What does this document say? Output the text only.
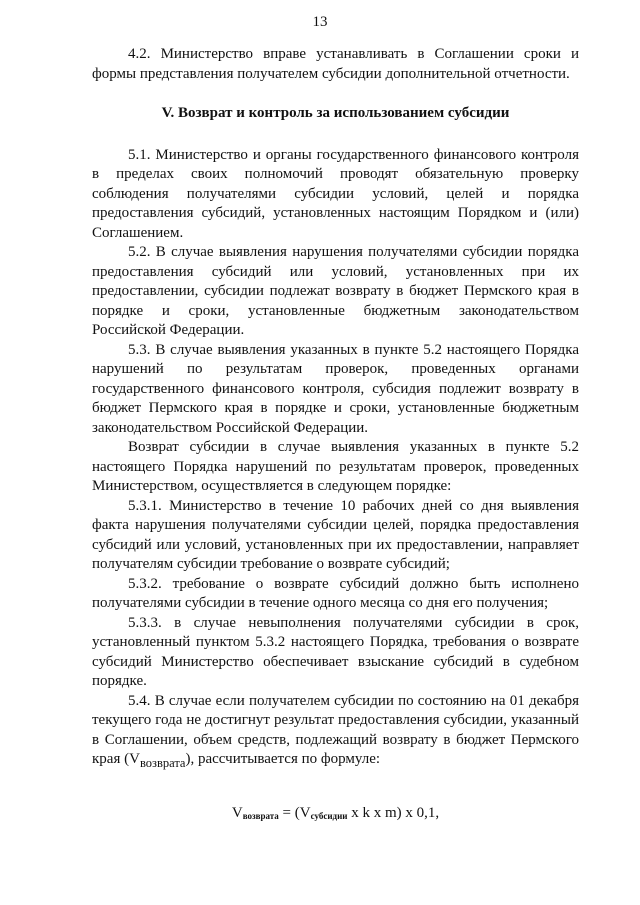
13

4.2. Министерство вправе устанавливать в Соглашении сроки и формы представления получателем субсидии дополнительной отчетности.

V. Возврат и контроль за использованием субсидии

5.1. Министерство и органы государственного финансового контроля в пределах своих полномочий проводят обязательную проверку соблюдения получателями субсидии условий, целей и порядка предоставления субсидий, установленных настоящим Порядком и (или) Соглашением.

5.2. В случае выявления нарушения получателями субсидии порядка предоставления субсидий или условий, установленных при их предоставлении, субсидии подлежат возврату в бюджет Пермского края в порядке и сроки, установленные бюджетным законодательством Российской Федерации.

5.3. В случае выявления указанных в пункте 5.2 настоящего Порядка нарушений по результатам проверок, проведенных органами государственного финансового контроля, субсидия подлежит возврату в бюджет Пермского края в порядке и сроки, установленные бюджетным законодательством Российской Федерации.

Возврат субсидии в случае выявления указанных в пункте 5.2 настоящего Порядка нарушений по результатам проверок, проведенных Министерством, осуществляется в следующем порядке:

5.3.1. Министерство в течение 10 рабочих дней со дня выявления факта нарушения получателями субсидии целей, порядка предоставления субсидий или условий, установленных при их предоставлении, направляет получателям субсидии требование о возврате субсидий;

5.3.2. требование о возврате субсидий должно быть исполнено получателями субсидии в течение одного месяца со дня его получения;

5.3.3. в случае невыполнения получателями субсидии в срок, установленный пунктом 5.3.2 настоящего Порядка, требования о возврате субсидий Министерство обеспечивает взыскание субсидий в судебном порядке.

5.4. В случае если получателем субсидии по состоянию на 01 декабря текущего года не достигнут результат предоставления субсидии, указанный в Соглашении, объем средств, подлежащий возврату в бюджет Пермского края $(V_{возврата})$, рассчитывается по формуле:

$V_{возврата} = (V_{субсидии}$ x k x m) x 0,1,
